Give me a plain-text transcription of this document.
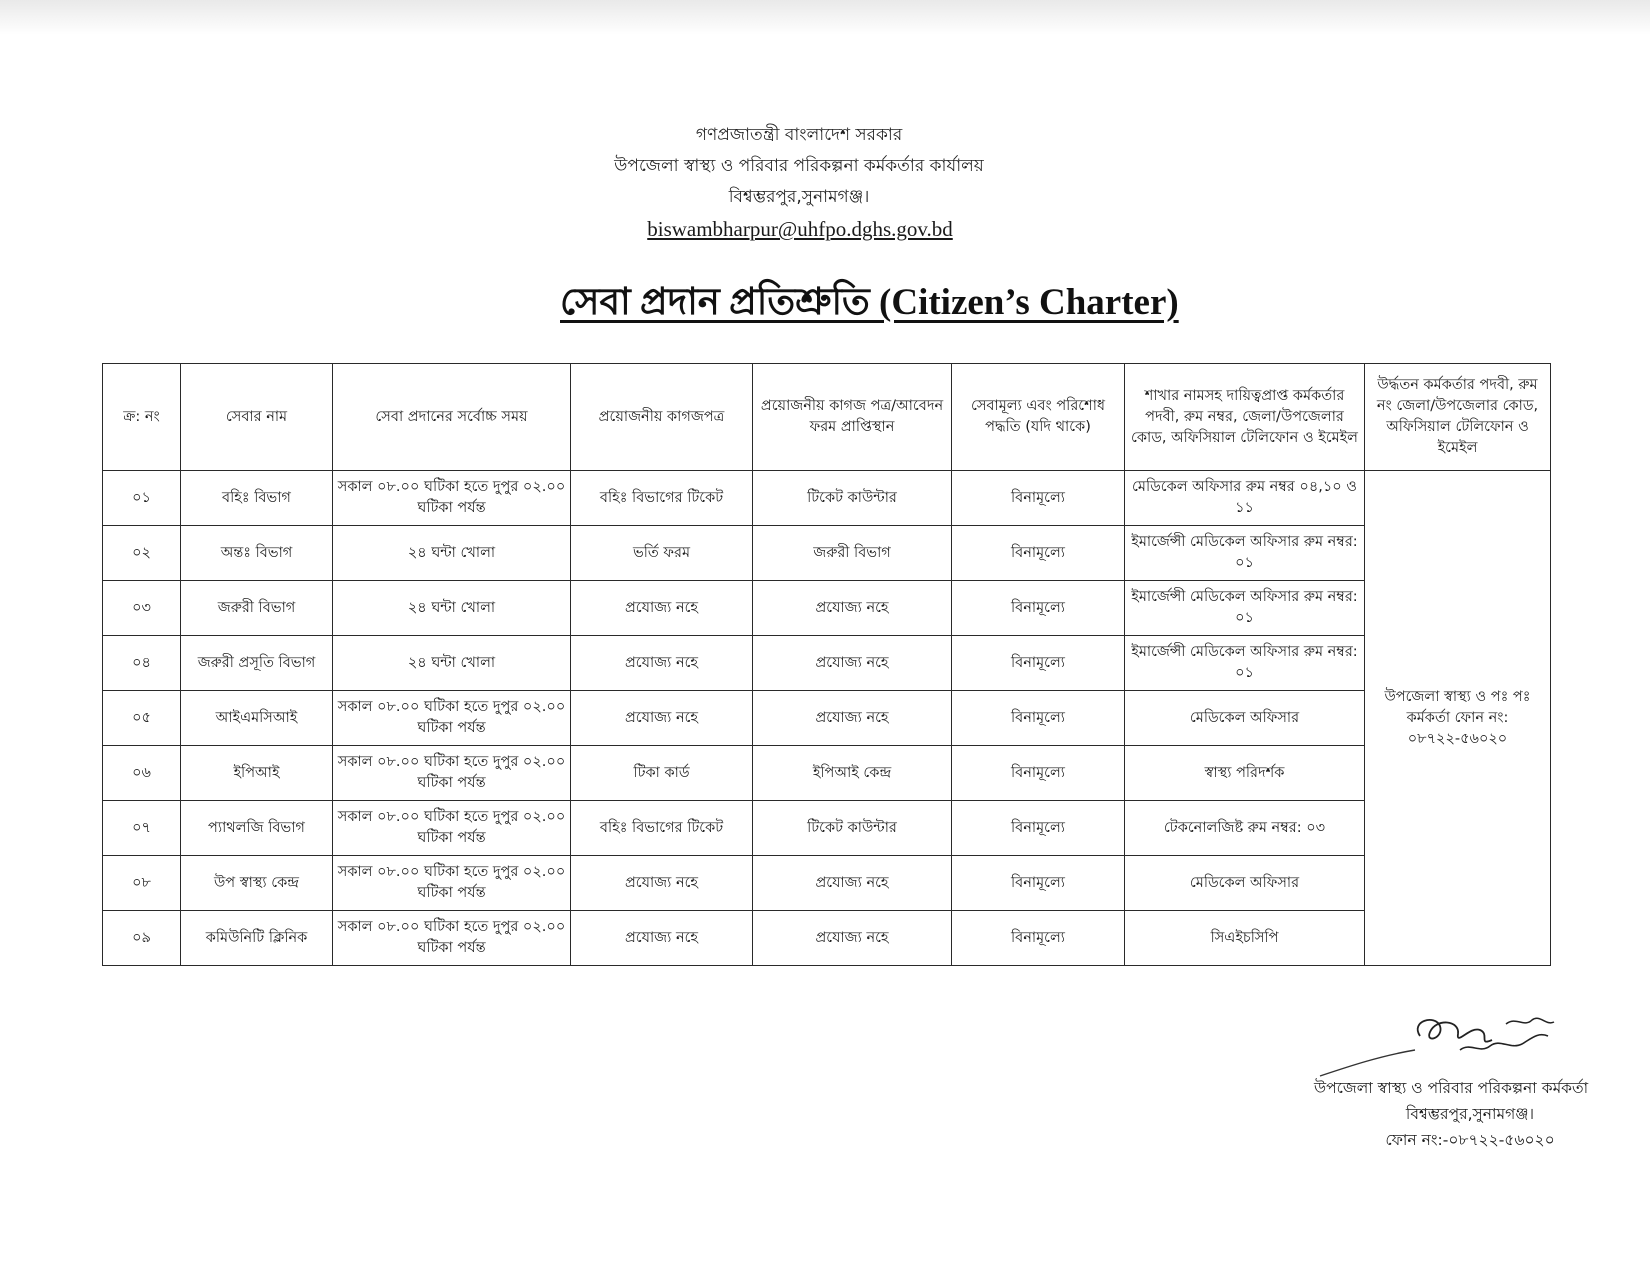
গণপ্রজাতন্ত্রী বাংলাদেশ সরকার
উপজেলা স্বাস্থ্য ও পরিবার পরিকল্পনা কর্মকর্তার কার্যালয়
বিশ্বম্ভরপুর,সুনামগঞ্জ।
biswambharpur@uhfpo.dghs.gov.bd
সেবা প্রদান প্রতিশ্রুতি (Citizen’s Charter)
ক্র: নং	সেবার নাম	সেবা প্রদানের সর্বোচ্চ সময়	প্রয়োজনীয় কাগজপত্র	প্রয়োজনীয় কাগজ পত্র/আবেদন ফরম প্রাপ্তিস্থান	সেবামূল্য এবং পরিশোধ পদ্ধতি (যদি থাকে)	শাখার নামসহ দায়িত্বপ্রাপ্ত কর্মকর্তার পদবী, রুম নম্বর, জেলা/উপজেলার কোড, অফিসিয়াল টেলিফোন ও ইমেইল	উর্দ্ধতন কর্মকর্তার পদবী, রুম নং জেলা/উপজেলার কোড, অফিসিয়াল টেলিফোন ও ইমেইল
০১	বহিঃ বিভাগ	সকাল ০৮.০০ ঘটিকা হতে দুপুর ০২.০০ ঘটিকা পর্যন্ত	বহিঃ বিভাগের টিকেট	টিকেট কাউন্টার	বিনামূল্যে	মেডিকেল অফিসার রুম নম্বর ০৪,১০ ও ১১	উপজেলা স্বাস্থ্য ও পঃ পঃ কর্মকর্তা ফোন নং: ০৮৭২২-৫৬০২০
০২	অন্তঃ বিভাগ	২৪ ঘন্টা খোলা	ভর্তি ফরম	জরুরী বিভাগ	বিনামূল্যে	ইমার্জেন্সী মেডিকেল অফিসার রুম নম্বর: ০১	
০৩	জরুরী বিভাগ	২৪ ঘন্টা খোলা	প্রযোজ্য নহে	প্রযোজ্য নহে	বিনামূল্যে	ইমার্জেন্সী মেডিকেল অফিসার রুম নম্বর: ০১	
০৪	জরুরী প্রসূতি বিভাগ	২৪ ঘন্টা খোলা	প্রযোজ্য নহে	প্রযোজ্য নহে	বিনামূল্যে	ইমার্জেন্সী মেডিকেল অফিসার রুম নম্বর: ০১	
০৫	আইএমসিআই	সকাল ০৮.০০ ঘটিকা হতে দুপুর ০২.০০ ঘটিকা পর্যন্ত	প্রযোজ্য নহে	প্রযোজ্য নহে	বিনামূল্যে	মেডিকেল অফিসার	
০৬	ইপিআই	সকাল ০৮.০০ ঘটিকা হতে দুপুর ০২.০০ ঘটিকা পর্যন্ত	টিকা কার্ড	ইপিআই কেন্দ্র	বিনামূল্যে	স্বাস্থ্য পরিদর্শক	
০৭	প্যাথলজি বিভাগ	সকাল ০৮.০০ ঘটিকা হতে দুপুর ০২.০০ ঘটিকা পর্যন্ত	বহিঃ বিভাগের টিকেট	টিকেট কাউন্টার	বিনামূল্যে	টেকনোলজিষ্ট রুম নম্বর: ০৩	
০৮	উপ স্বাস্থ্য কেন্দ্র	সকাল ০৮.০০ ঘটিকা হতে দুপুর ০২.০০ ঘটিকা পর্যন্ত	প্রযোজ্য নহে	প্রযোজ্য নহে	বিনামূল্যে	মেডিকেল অফিসার	
০৯	কমিউনিটি ক্লিনিক	সকাল ০৮.০০ ঘটিকা হতে দুপুর ০২.০০ ঘটিকা পর্যন্ত	প্রযোজ্য নহে	প্রযোজ্য নহে	বিনামূল্যে	সিএইচসিপি	
উপজেলা স্বাস্থ্য ও পরিবার পরিকল্পনা কর্মকর্তা
বিশ্বম্ভরপুর,সুনামগঞ্জ।
ফোন নং:-০৮৭২২-৫৬০২০
